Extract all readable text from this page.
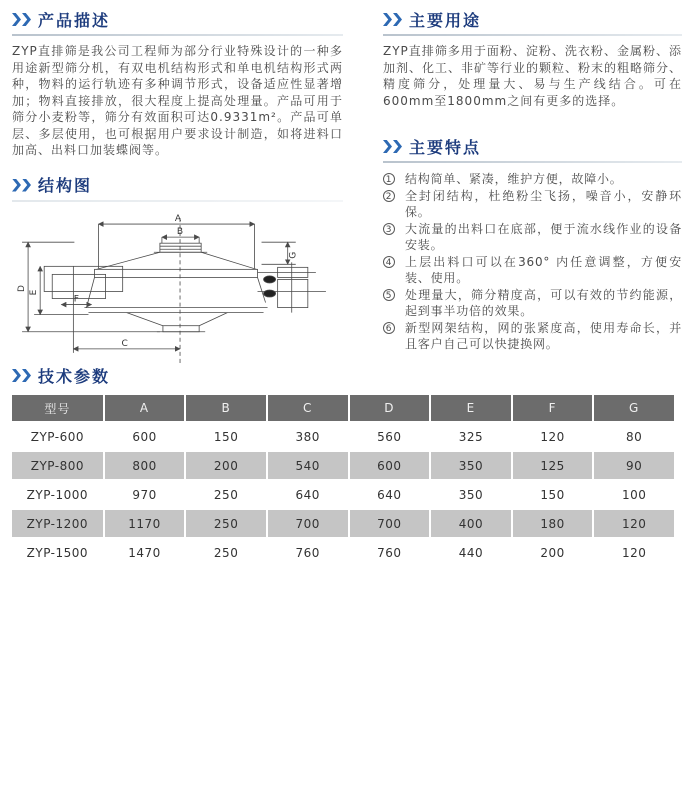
产品描述

ZYP直排筛是我公司工程师为部分行业特殊设计的一种多用途新型筛分机，有双电机结构形式和单电机结构形式两种，物料的运行轨迹有多种调节形式，设备适应性显著增加；物料直接排放，很大程度上提高处理量。产品可用于筛分小麦粉等，筛分有效面积可达0.9331m²。产品可单层、多层使用，也可根据用户要求设计制造，如将进料口加高、出料口加装蝶阀等。

结构图
A
B
C
D
E
F
G
主要用途

ZYP直排筛多用于面粉、淀粉、洗衣粉、金属粉、添加剂、化工、非矿等行业的颗粒、粉末的粗略筛分、精度筛分，处理量大、易与生产线结合。可在600mm至1800mm之间有更多的选择。

主要特点
1 结构简单、紧凑，维护方便，故障小。
2 全封闭结构，杜绝粉尘飞扬，噪音小，安静环保。
3 大流量的出料口在底部，便于流水线作业的设备安装。
4 上层出料口可以在360° 内任意调整，方便安装、使用。
5 处理量大，筛分精度高，可以有效的节约能源，起到事半功倍的效果。
6 新型网架结构，网的张紧度高，使用寿命长，并且客户自己可以快捷换网。
技术参数
型号	A	B	C	D	E	F	G
ZYP-600	600	150	380	560	325	120	80
ZYP-800	800	200	540	600	350	125	90
ZYP-1000	970	250	640	640	350	150	100
ZYP-1200	1170	250	700	700	400	180	120
ZYP-1500	1470	250	760	760	440	200	120
